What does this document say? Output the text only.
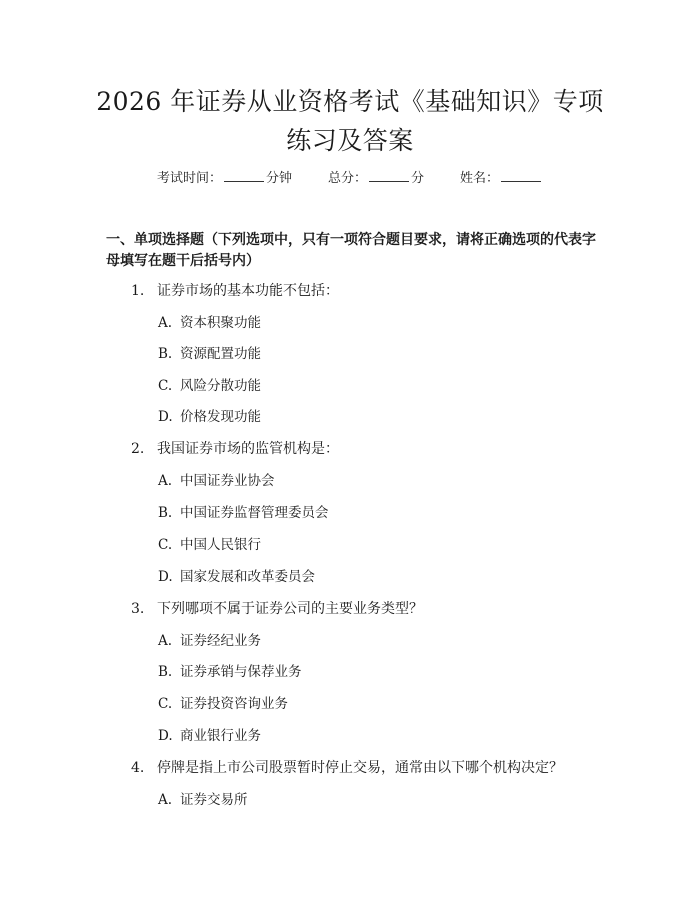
2026 年证券从业资格考试《基础知识》专项
练习及答案
考试时间：	分钟	总分：	分	姓名：
一、单项选择题（下列选项中，只有一项符合题目要求，请将正确选项的代表字母填写在题干后括号内）
1. 证券市场的基本功能不包括：
A. 资本积聚功能
B. 资源配置功能
C. 风险分散功能
D. 价格发现功能
2. 我国证券市场的监管机构是：
A. 中国证券业协会
B. 中国证券监督管理委员会
C. 中国人民银行
D. 国家发展和改革委员会
3. 下列哪项不属于证券公司的主要业务类型？
A. 证券经纪业务
B. 证券承销与保荐业务
C. 证券投资咨询业务
D. 商业银行业务
4. 停牌是指上市公司股票暂时停止交易，通常由以下哪个机构决定？
A. 证券交易所
